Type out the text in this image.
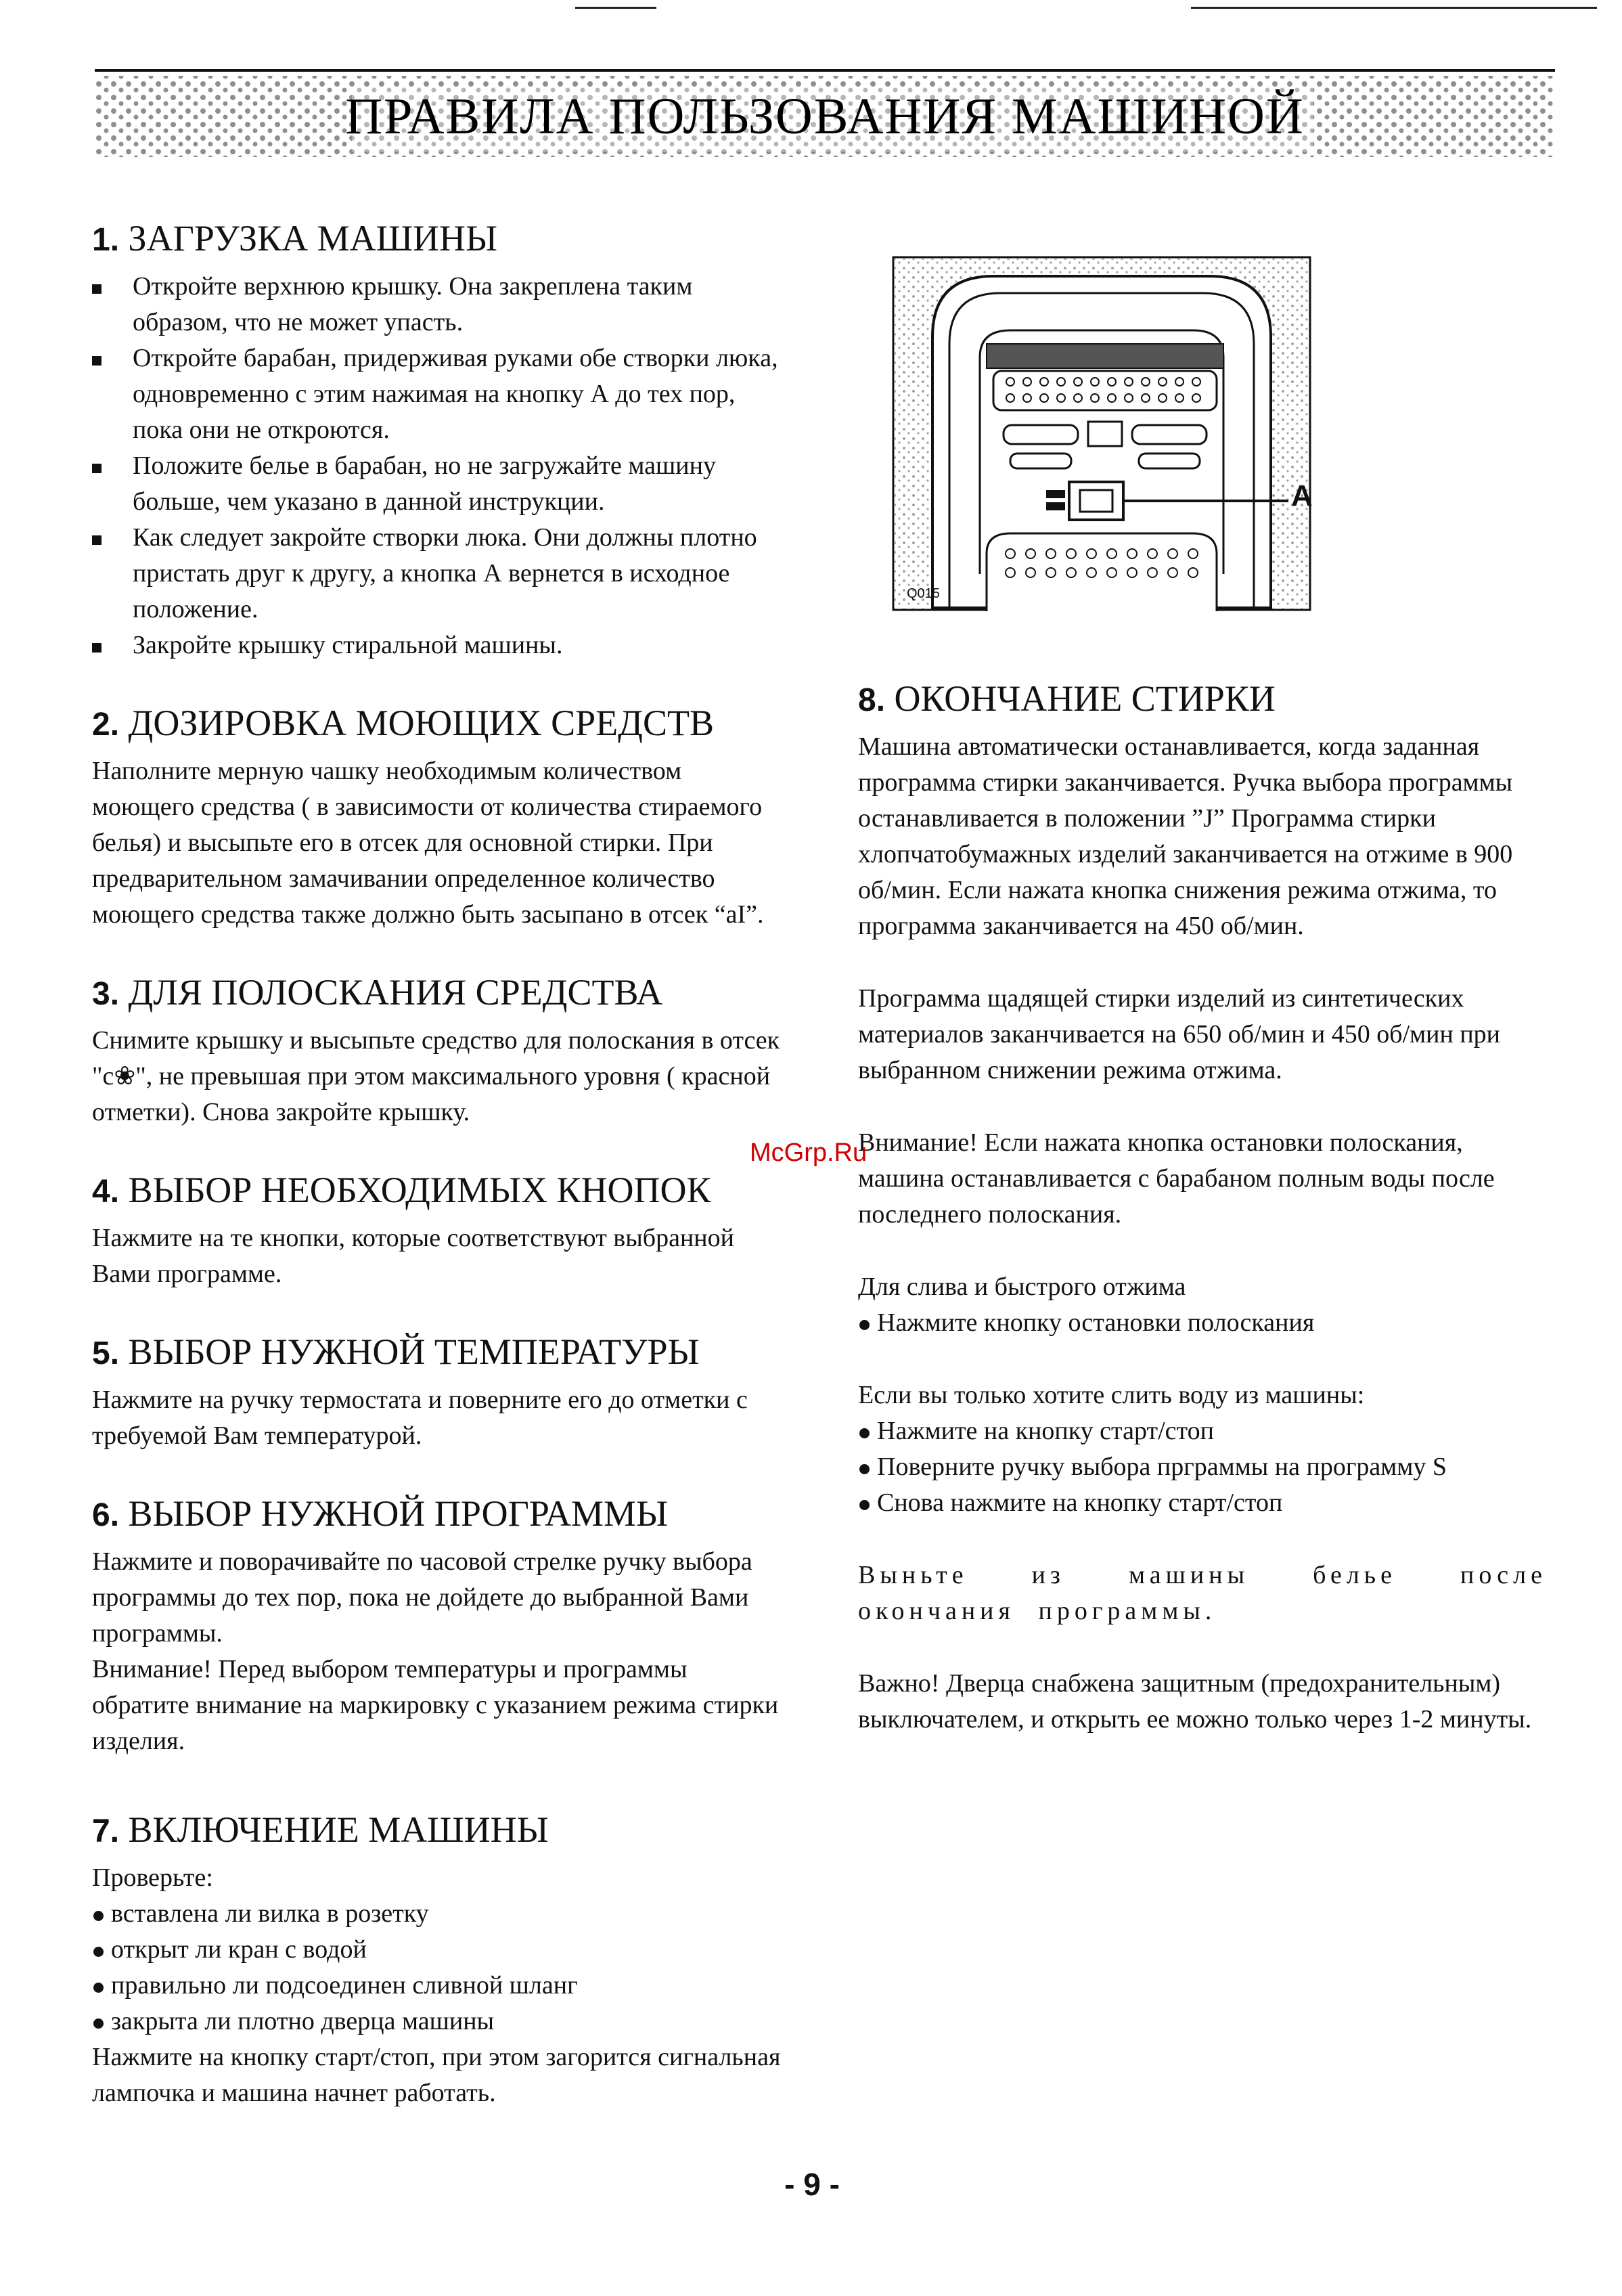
ПРАВИЛА ПОЛЬЗОВАНИЯ МАШИНОЙ
1. ЗАГРУЗКА МАШИНЫ
Откройте верхнюю крышку. Она закреплена таким образом, что не может упасть.
Откройте барабан, придерживая руками обе створки люка, одновременно с этим нажимая на кнопку А до тех пор, пока они не откроются.
Положите белье в барабан, но не загружайте машину больше, чем указано в данной инструкции.
Как следует закройте створки люка. Они должны плотно пристать друг к другу, а кнопка А вернется в исходное положение.
Закройте крышку стиральной машины.
2. ДОЗИРОВКА МОЮЩИХ СРЕДСТВ

Наполните мерную чашку необходимым количеством моющего средства ( в зависимости от количества стираемого белья) и высыпьте его в отсек для основной стирки. При предварительном замачивании определенное количество моющего средства также должно быть засыпано в отсек “aI”.

3. ДЛЯ ПОЛОСКАНИЯ СРЕДСТВА

Снимите крышку и высыпьте средство для полоскания в отсек "c❀", не превышая при этом максимального уровня ( красной отметки). Снова закройте крышку.

4. ВЫБОР НЕОБХОДИМЫХ КНОПОК

Нажмите на те кнопки, которые соответствуют выбранной Вами программе.

5. ВЫБОР НУЖНОЙ ТЕМПЕРАТУРЫ

Нажмите на ручку термостата и поверните его до отметки с требуемой Вам температурой.

6. ВЫБОР НУЖНОЙ ПРОГРАММЫ

Нажмите и поворачивайте по часовой стрелке ручку выбора программы до тех пор, пока не дойдете до выбранной Вами программы.

Внимание! Перед выбором температуры и программы обратите внимание на маркировку с указанием режима стирки изделия.

7. ВКЛЮЧЕНИЕ МАШИНЫ

Проверьте:

вставлена ли вилка в розетку
открыт ли кран с водой
правильно ли подсоединен сливной шланг
закрыта ли плотно дверца машины

Нажмите на кнопку старт/стоп, при этом загорится сигнальная лампочка и машина начнет работать.

A
Q015
8. ОКОНЧАНИЕ СТИРКИ

Машина автоматически останавливается, когда заданная программа стирки заканчивается. Ручка выбора программы останавливается в положении ”J” Программа стирки хлопчатобумажных изделий заканчивается на отжиме в 900 об/мин. Если нажата кнопка снижения режима отжима, то программа заканчивается на 450 об/мин.

Программа щадящей стирки изделий из синтетических материалов заканчивается на 650 об/мин и 450 об/мин при выбранном снижении режима отжима.

Внимание! Если нажата кнопка остановки полоскания, машина останавливается с барабаном полным воды после последнего полоскания.

Для слива и быстрого отжима

Нажмите кнопку остановки полоскания

Если вы только хотите слить воду из машины:

Нажмите на кнопку старт/стоп
Поверните ручку выбора прграммы на программу S
Снова нажмите на кнопку старт/стоп

Выньте из машины белье после окончания программы.

Важно! Дверца снабжена защитным (предохранительным) выключателем, и открыть ее можно только через 1-2 минуты.

McGrp.Ru
- 9 -
